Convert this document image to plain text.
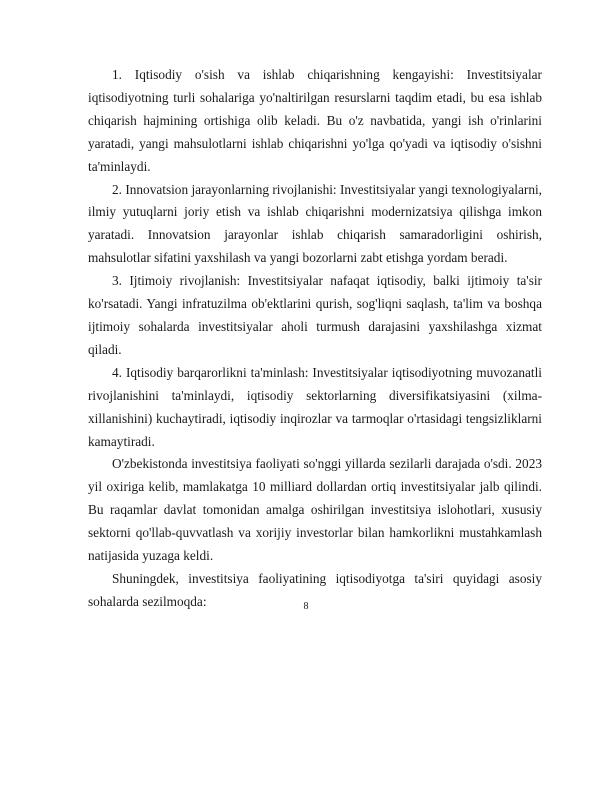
1. Iqtisodiy o'sish va ishlab chiqarishning kengayishi: Investitsiyalar iqtisodiyotning turli sohalariga yo'naltirilgan resurslarni taqdim etadi, bu esa ishlab chiqarish hajmining ortishiga olib keladi. Bu o'z navbatida, yangi ish o'rinlarini yaratadi, yangi mahsulotlarni ishlab chiqarishni yo'lga qo'yadi va iqtisodiy o'sishni ta'minlaydi.

2. Innovatsion jarayonlarning rivojlanishi: Investitsiyalar yangi texnologiyalarni, ilmiy yutuqlarni joriy etish va ishlab chiqarishni modernizatsiya qilishga imkon yaratadi. Innovatsion jarayonlar ishlab chiqarish samaradorligini oshirish, mahsulotlar sifatini yaxshilash va yangi bozorlarni zabt etishga yordam beradi.

3. Ijtimoiy rivojlanish: Investitsiyalar nafaqat iqtisodiy, balki ijtimoiy ta'sir ko'rsatadi. Yangi infratuzilma ob'ektlarini qurish, sog'liqni saqlash, ta'lim va boshqa ijtimoiy sohalarda investitsiyalar aholi turmush darajasini yaxshilashga xizmat qiladi.

4. Iqtisodiy barqarorlikni ta'minlash: Investitsiyalar iqtisodiyotning muvozanatli rivojlanishini ta'minlaydi, iqtisodiy sektorlarning diversifikatsiyasini (xilma-xillanishini) kuchaytiradi, iqtisodiy inqirozlar va tarmoqlar o'rtasidagi tengsizliklarni kamaytiradi.

O'zbekistonda investitsiya faoliyati so'nggi yillarda sezilarli darajada o'sdi. 2023 yil oxiriga kelib, mamlakatga 10 milliard dollardan ortiq investitsiyalar jalb qilindi. Bu raqamlar davlat tomonidan amalga oshirilgan investitsiya islohotlari, xususiy sektorni qo'llab-quvvatlash va xorijiy investorlar bilan hamkorlikni mustahkamlash natijasida yuzaga keldi.

Shuningdek, investitsiya faoliyatining iqtisodiyotga ta'siri quyidagi asosiy sohalarda sezilmoqda:	8
